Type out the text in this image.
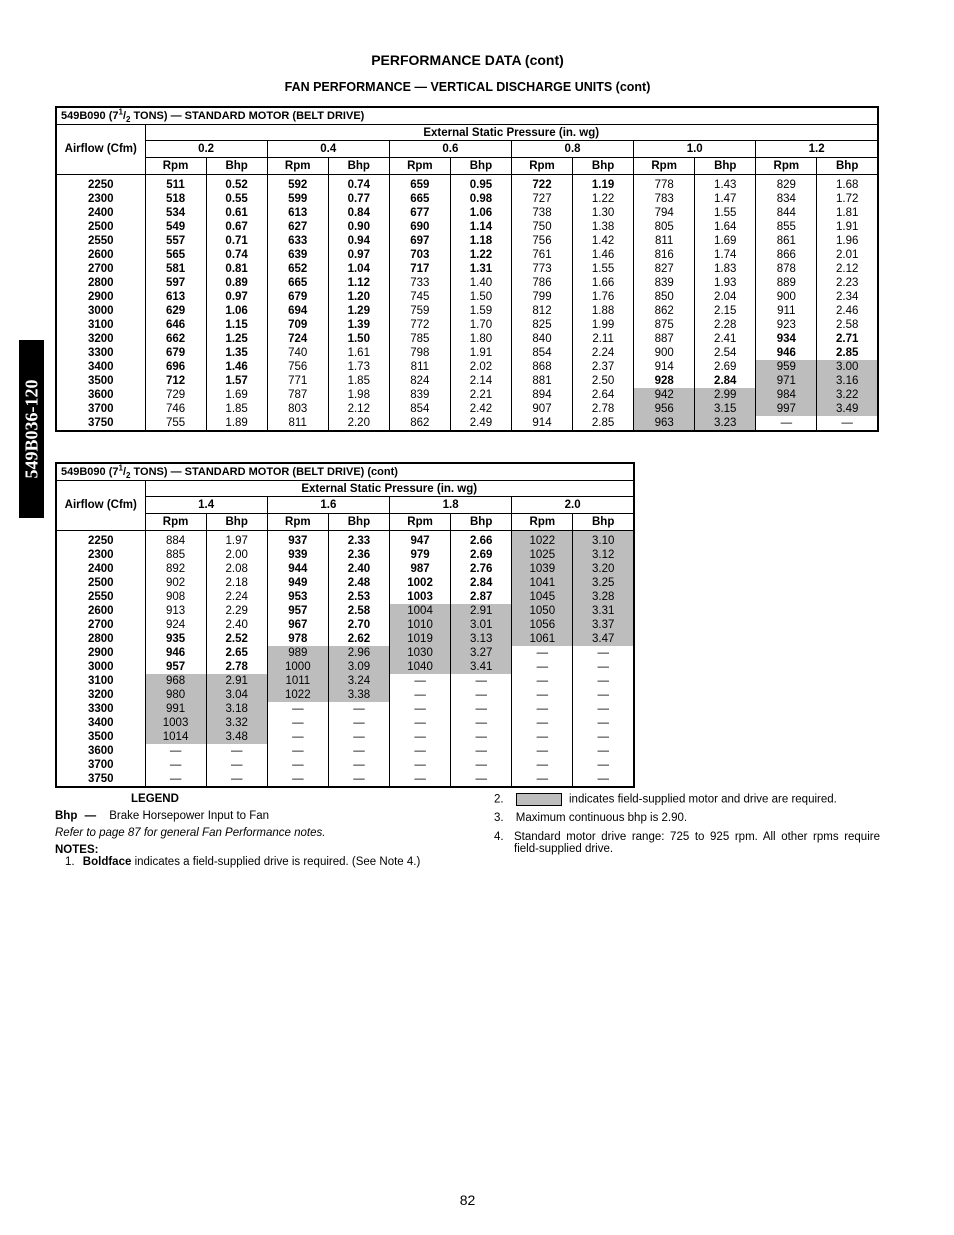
PERFORMANCE DATA (cont)
FAN PERFORMANCE — VERTICAL DISCHARGE UNITS (cont)
549B036-120
549B090 ($7^1/_2$ TONS) — STANDARD MOTOR (BELT DRIVE)												
Airflow (Cfm)	External Static Pressure (in. wg)											
	0.2		0.4		0.6		0.8		1.0		1.2	
	Rpm	Bhp	Rpm	Bhp	Rpm	Bhp	Rpm	Bhp	Rpm	Bhp	Rpm	Bhp
2250	511	0.52	592	0.74	659	0.95	722	1.19	778	1.43	829	1.68
2300	518	0.55	599	0.77	665	0.98	727	1.22	783	1.47	834	1.72
2400	534	0.61	613	0.84	677	1.06	738	1.30	794	1.55	844	1.81
2500	549	0.67	627	0.90	690	1.14	750	1.38	805	1.64	855	1.91
2550	557	0.71	633	0.94	697	1.18	756	1.42	811	1.69	861	1.96
2600	565	0.74	639	0.97	703	1.22	761	1.46	816	1.74	866	2.01
2700	581	0.81	652	1.04	717	1.31	773	1.55	827	1.83	878	2.12
2800	597	0.89	665	1.12	733	1.40	786	1.66	839	1.93	889	2.23
2900	613	0.97	679	1.20	745	1.50	799	1.76	850	2.04	900	2.34
3000	629	1.06	694	1.29	759	1.59	812	1.88	862	2.15	911	2.46
3100	646	1.15	709	1.39	772	1.70	825	1.99	875	2.28	923	2.58
3200	662	1.25	724	1.50	785	1.80	840	2.11	887	2.41	934	2.71
3300	679	1.35	740	1.61	798	1.91	854	2.24	900	2.54	946	2.85
3400	696	1.46	756	1.73	811	2.02	868	2.37	914	2.69	959	3.00
3500	712	1.57	771	1.85	824	2.14	881	2.50	928	2.84	971	3.16
3600	729	1.69	787	1.98	839	2.21	894	2.64	942	2.99	984	3.22
3700	746	1.85	803	2.12	854	2.42	907	2.78	956	3.15	997	3.49
3750	755	1.89	811	2.20	862	2.49	914	2.85	963	3.23	—	—
549B090 ($7^1/_2$ TONS) — STANDARD MOTOR (BELT DRIVE) (cont)								
Airflow (Cfm)	External Static Pressure (in. wg)							
	1.4		1.6		1.8		2.0	
	Rpm	Bhp	Rpm	Bhp	Rpm	Bhp	Rpm	Bhp
2250	884	1.97	937	2.33	947	2.66	1022	3.10
2300	885	2.00	939	2.36	979	2.69	1025	3.12
2400	892	2.08	944	2.40	987	2.76	1039	3.20
2500	902	2.18	949	2.48	1002	2.84	1041	3.25
2550	908	2.24	953	2.53	1003	2.87	1045	3.28
2600	913	2.29	957	2.58	1004	2.91	1050	3.31
2700	924	2.40	967	2.70	1010	3.01	1056	3.37
2800	935	2.52	978	2.62	1019	3.13	1061	3.47
2900	946	2.65	989	2.96	1030	3.27	—	—
3000	957	2.78	1000	3.09	1040	3.41	—	—
3100	968	2.91	1011	3.24	—	—	—	—
3200	980	3.04	1022	3.38	—	—	—	—
3300	991	3.18	—	—	—	—	—	—
3400	1003	3.32	—	—	—	—	—	—
3500	1014	3.48	—	—	—	—	—	—
3600	—	—	—	—	—	—	—	—
3700	—	—	—	—	—	—	—	—
3750	—	—	—	—	—	—	—	—
LEGEND
Bhp — Brake Horsepower Input to Fan
Refer to page 87 for general Fan Performance notes.
NOTES:
1. Boldface indicates a field-supplied drive is required. (See Note 4.)
2.	indicates field-supplied motor and drive are required.
3. Maximum continuous bhp is 2.90.
4. Standard motor drive range: 725 to 925 rpm. All other rpms require field-supplied drive.
82
